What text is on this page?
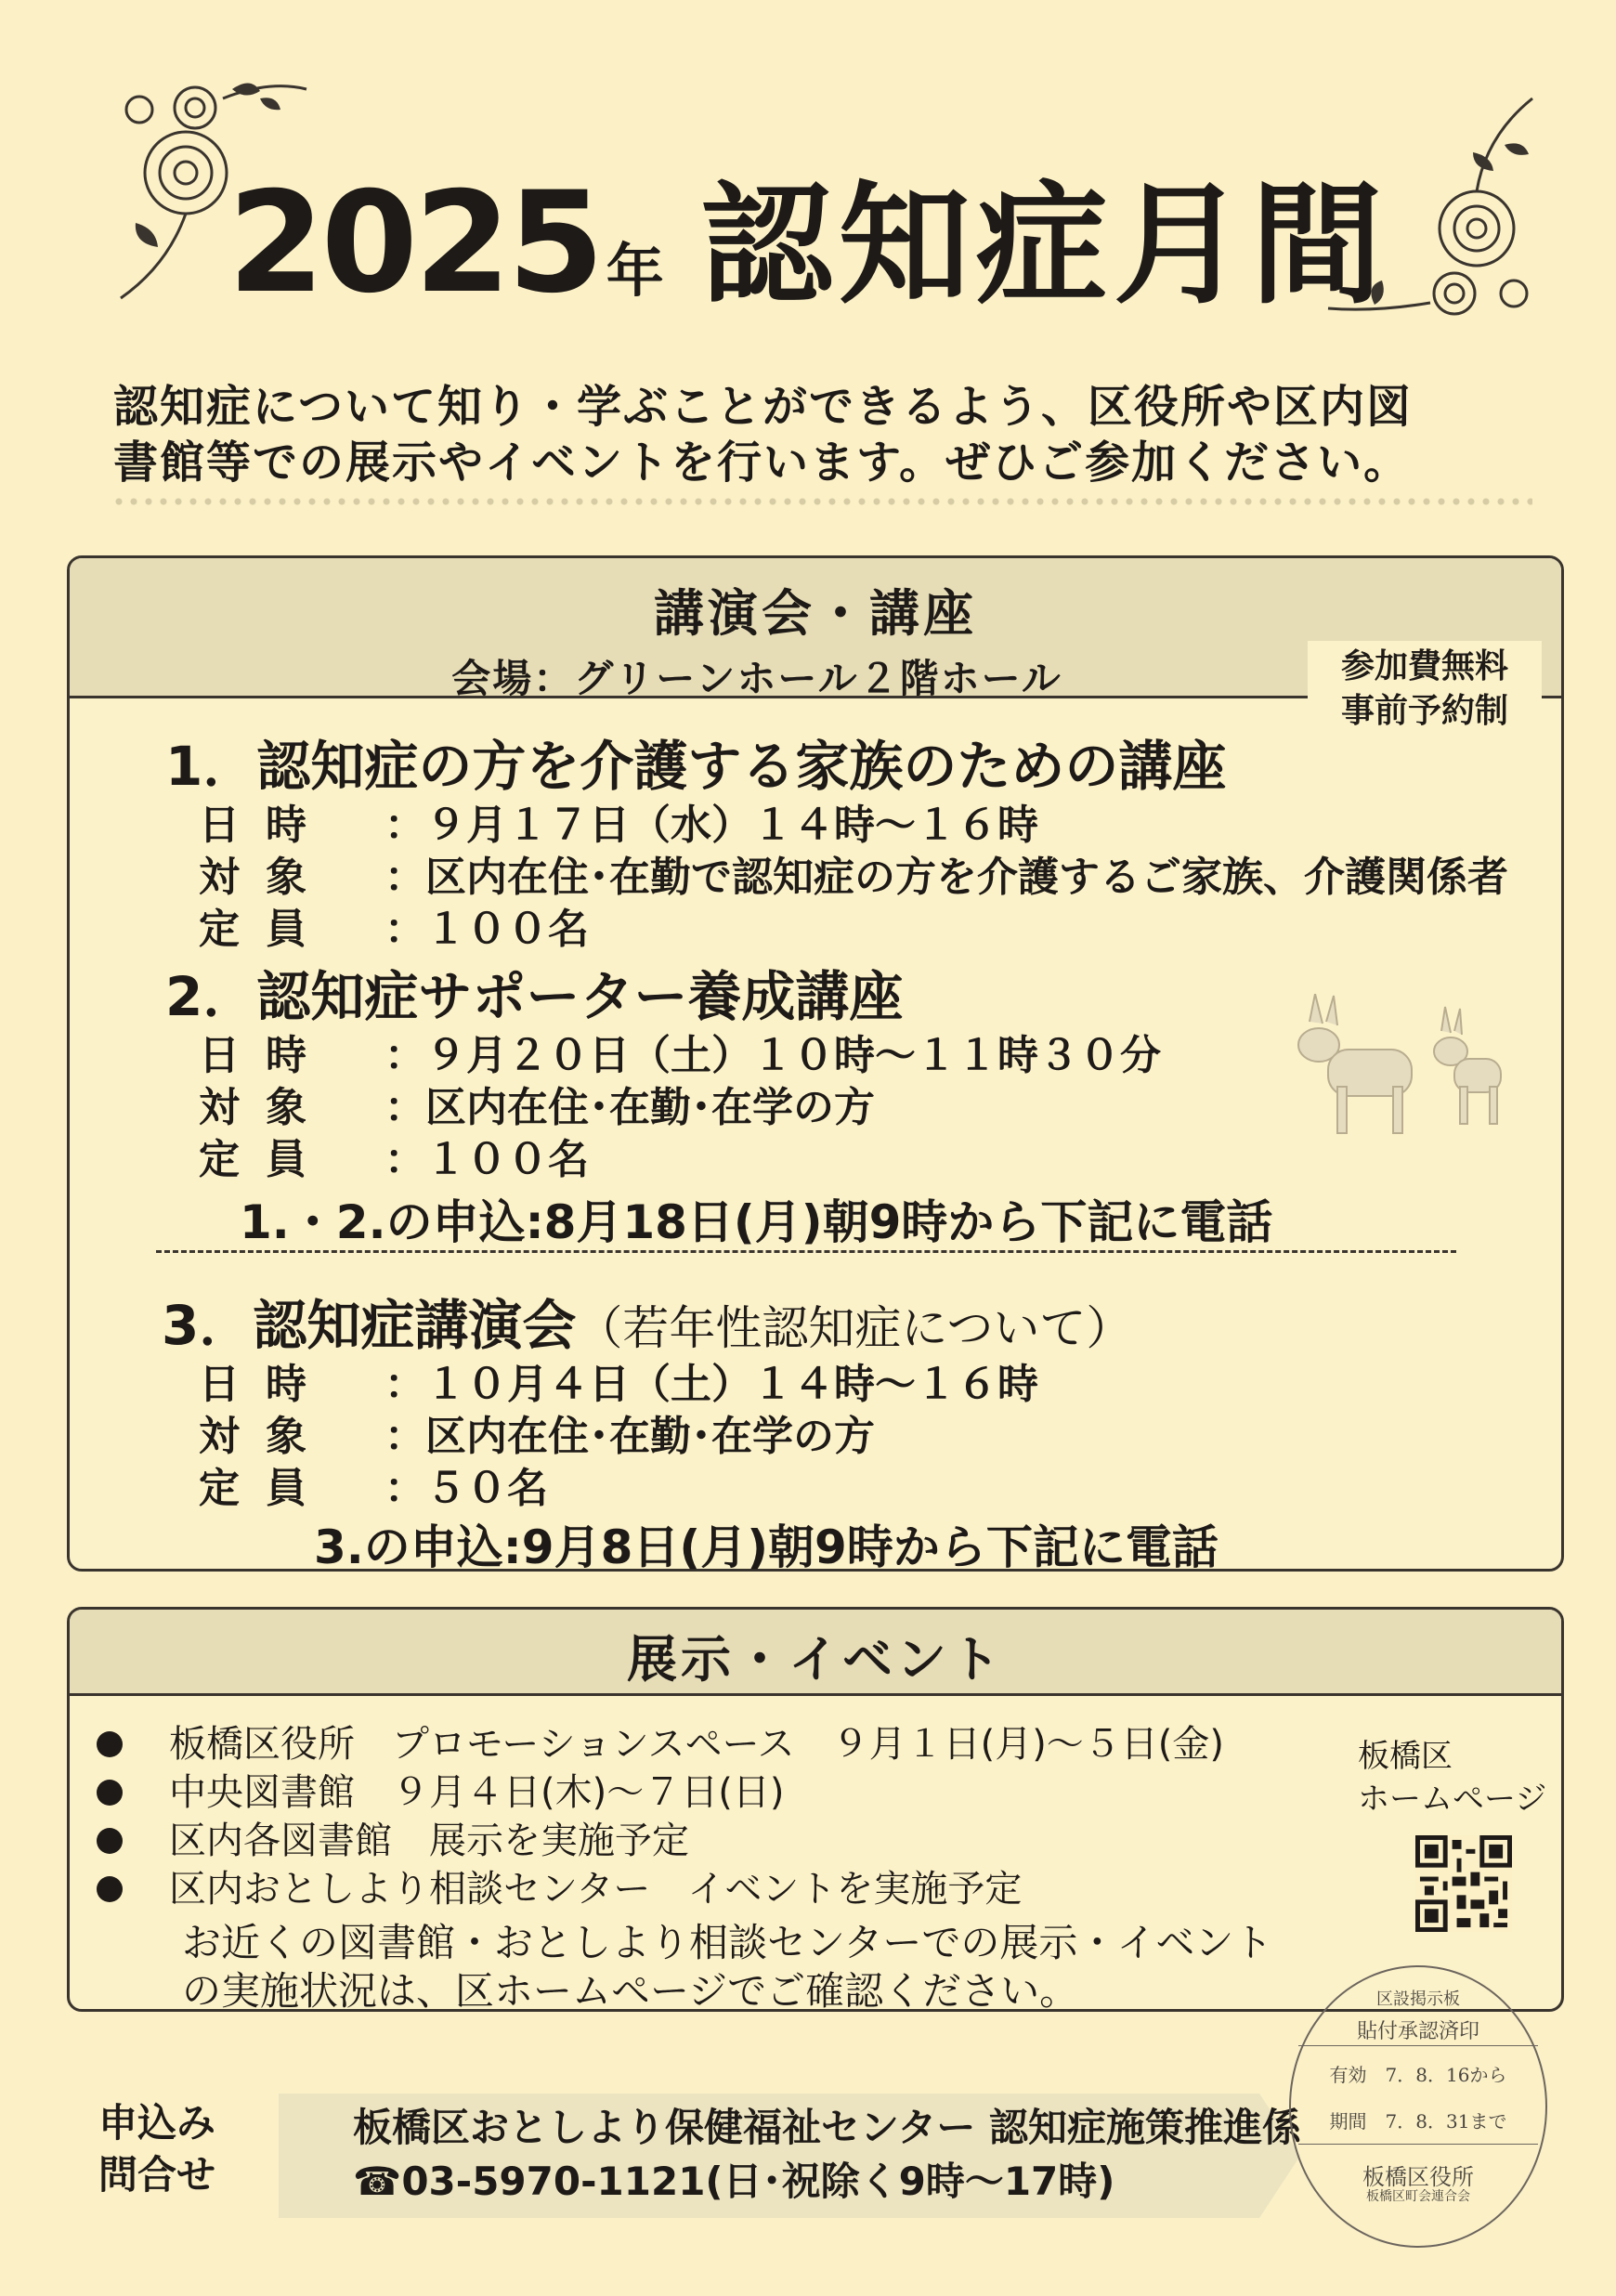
2025年 認知症月間
認知症について知り・学ぶことができるよう、区役所や区内図
書館等での展示やイベントを行います。ぜひご参加ください。
講演会・講座
会場：グリーンホール２階ホール	参加費無料
事前予約制
1．認知症の方を介護する家族のための講座
日時 ：９月１７日（水）１４時～１６時
対象 ：区内在住･在勤で認知症の方を介護するご家族、介護関係者
定員 ：１００名
2．認知症サポーター養成講座
日時 ：９月２０日（土）１０時～１１時３０分
対象 ：区内在住･在勤･在学の方
定員 ：１００名
1.・2.の申込:8月18日(月)朝9時から下記に電話
3．認知症講演会（若年性認知症について）
日時 ：１０月４日（土）１４時～１６時
対象 ：区内在住･在勤･在学の方
定員 ：５０名
3.の申込:9月8日(月)朝9時から下記に電話
展示・イベント
板橋区役所　プロモーションスペース　９月１日(月)～５日(金)
中央図書館　９月４日(木)～７日(日)
区内各図書館　展示を実施予定
区内おとしより相談センター　イベントを実施予定
お近くの図書館・おとしより相談センターでの展示・イベント
の実施状況は、区ホームページでご確認ください。
板橋区
ホームページ
申込み
問合せ
板橋区おとしより保健福祉センター 認知症施策推進係
☎03-5970-1121(日･祝除く9時～17時)
区設掲示板
貼付承認済印
有効　7．8．16から
期間　7．8．31まで
板橋区役所
板橋区町会連合会
